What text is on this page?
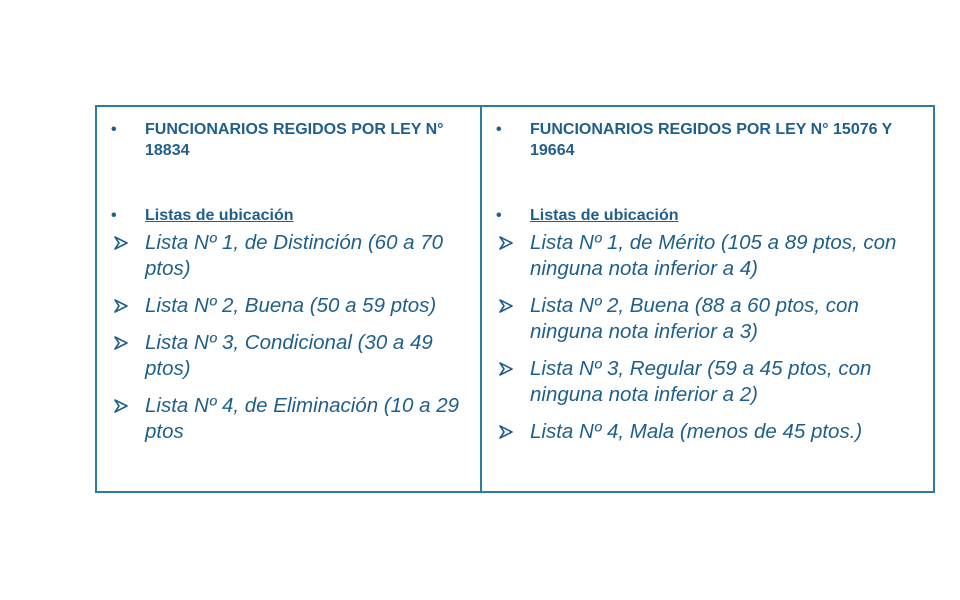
• FUNCIONARIOS REGIDOS POR LEY N° 18834
• Listas de ubicación
Lista Nº 1, de Distinción (60 a 70 ptos)
Lista Nº 2, Buena (50 a 59 ptos)
Lista Nº 3, Condicional (30 a 49 ptos)
Lista Nº 4, de Eliminación (10 a 29 ptos
• FUNCIONARIOS REGIDOS POR LEY N° 15076 Y 19664
• Listas de ubicación
Lista Nº 1, de Mérito (105 a 89 ptos, con ninguna nota inferior a 4)
Lista Nº 2, Buena (88 a 60 ptos, con ninguna nota inferior a 3)
Lista Nº 3, Regular (59 a 45 ptos, con ninguna nota inferior a 2)
Lista Nº 4, Mala (menos de 45 ptos.)
